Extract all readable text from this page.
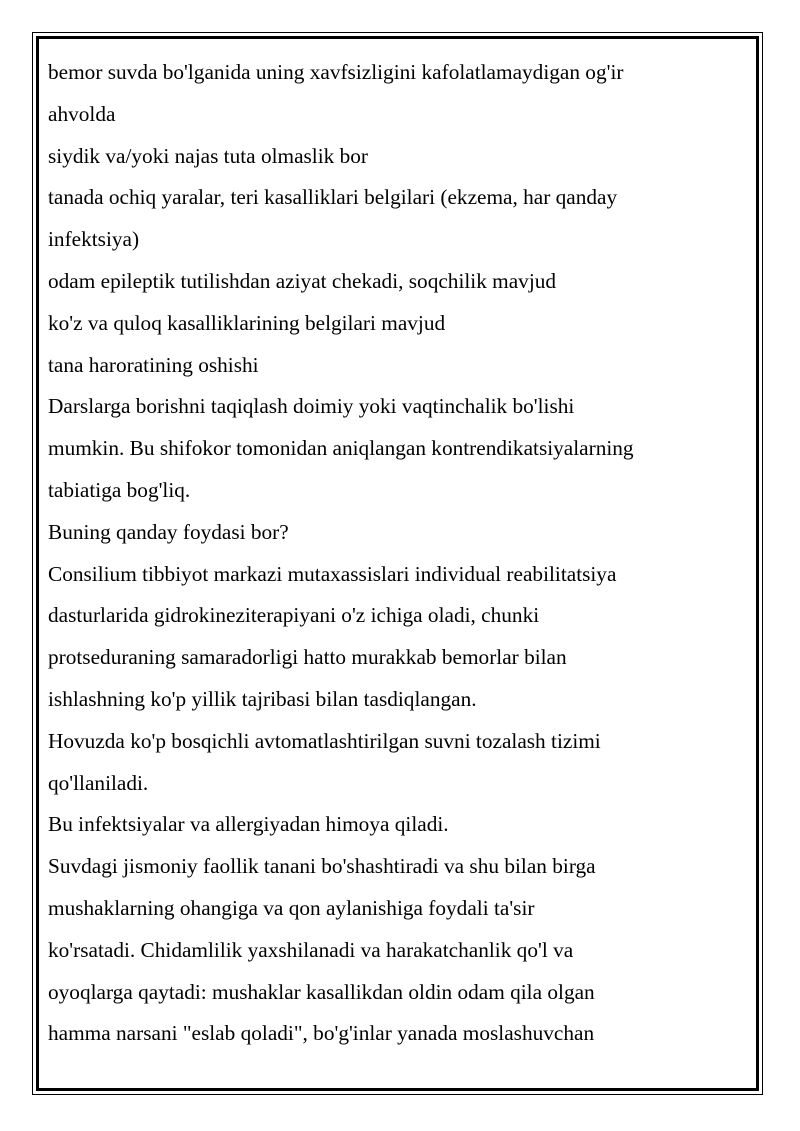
bemor suvda bo'lganida uning xavfsizligini kafolatlamaydigan og'ir
ahvolda
siydik va/yoki najas tuta olmaslik bor
tanada ochiq yaralar, teri kasalliklari belgilari (ekzema, har qanday
infektsiya)
odam epileptik tutilishdan aziyat chekadi, soqchilik mavjud
ko'z va quloq kasalliklarining belgilari mavjud
tana haroratining oshishi
Darslarga borishni taqiqlash doimiy yoki vaqtinchalik bo'lishi
mumkin. Bu shifokor tomonidan aniqlangan kontrendikatsiyalarning
tabiatiga bog'liq.
Buning qanday foydasi bor?
Consilium tibbiyot markazi mutaxassislari individual reabilitatsiya
dasturlarida gidrokineziterapiyani o'z ichiga oladi, chunki
protseduraning samaradorligi hatto murakkab bemorlar bilan
ishlashning ko'p yillik tajribasi bilan tasdiqlangan.
Hovuzda ko'p bosqichli avtomatlashtirilgan suvni tozalash tizimi
qo'llaniladi.
Bu infektsiyalar va allergiyadan himoya qiladi.
Suvdagi jismoniy faollik tanani bo'shashtiradi va shu bilan birga
mushaklarning ohangiga va qon aylanishiga foydali ta'sir
ko'rsatadi. Chidamlilik yaxshilanadi va harakatchanlik qo'l va
oyoqlarga qaytadi: mushaklar kasallikdan oldin odam qila olgan
hamma narsani "eslab qoladi", bo'g'inlar yanada moslashuvchan
